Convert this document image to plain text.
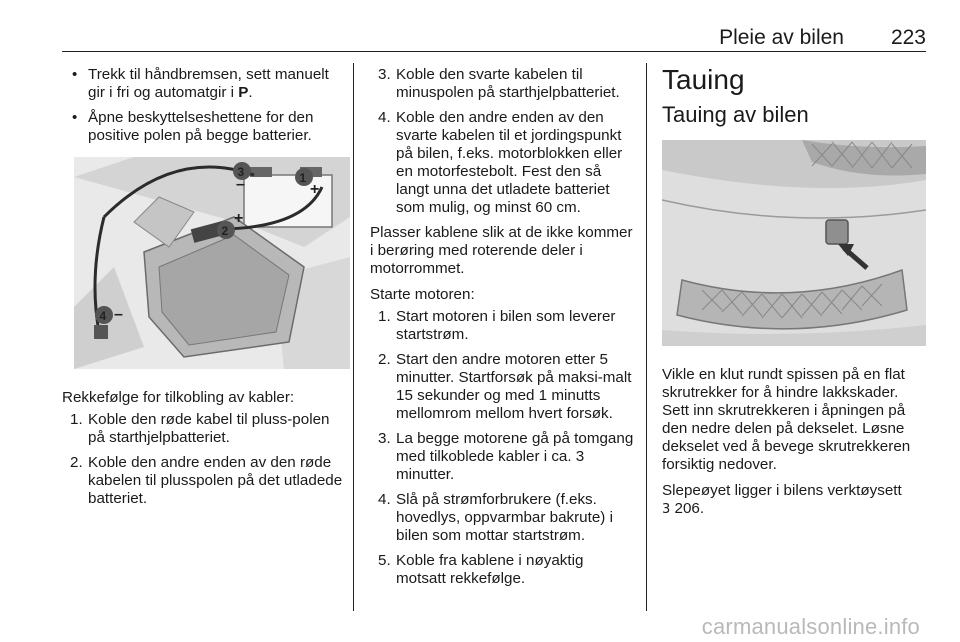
Pleie av bilen 223
• Trekk til håndbremsen, sett manuelt gir i fri og automatgir i P.
• Åpne beskyttelseshettene for den positive polen på begge batterier.
1
2
3
4
+
+
–
–

Rekkefølge for tilkobling av kabler:

1. Koble den røde kabel til pluss-polen på starthjelpbatteriet.
2. Koble den andre enden av den røde kabelen til plusspolen på det utladede batteriet.
3. Koble den svarte kabelen til minuspolen på starthjelpbatteriet.
4. Koble den andre enden av den svarte kabelen til et jordingspunkt på bilen, f.eks. motorblokken eller en motorfestebolt. Fest den så langt unna det utladete batteriet som mulig, og minst 60 cm.

Plasser kablene slik at de ikke kommer i berøring med roterende deler i motorrommet.

Starte motoren:

1. Start motoren i bilen som leverer startstrøm.
2. Start den andre motoren etter 5 minutter. Startforsøk på maksi-malt 15 sekunder og med 1 minutts mellomrom mellom hvert forsøk.
3. La begge motorene gå på tomgang med tilkoblede kabler i ca. 3 minutter.
4. Slå på strømforbrukere (f.eks. hovedlys, oppvarmbar bakrute) i bilen som mottar startstrøm.
5. Koble fra kablene i nøyaktig motsatt rekkefølge.
Tauing
Tauing av bilen

Vikle en klut rundt spissen på en flat skrutrekker for å hindre lakkskader. Sett inn skrutrekkeren i åpningen på den nedre delen på dekselet. Løsne dekselet ved å bevege skrutrekkeren forsiktig nedover.

Slepeøyet ligger i bilens verktøysett
3 206.

carmanualsonline.info
